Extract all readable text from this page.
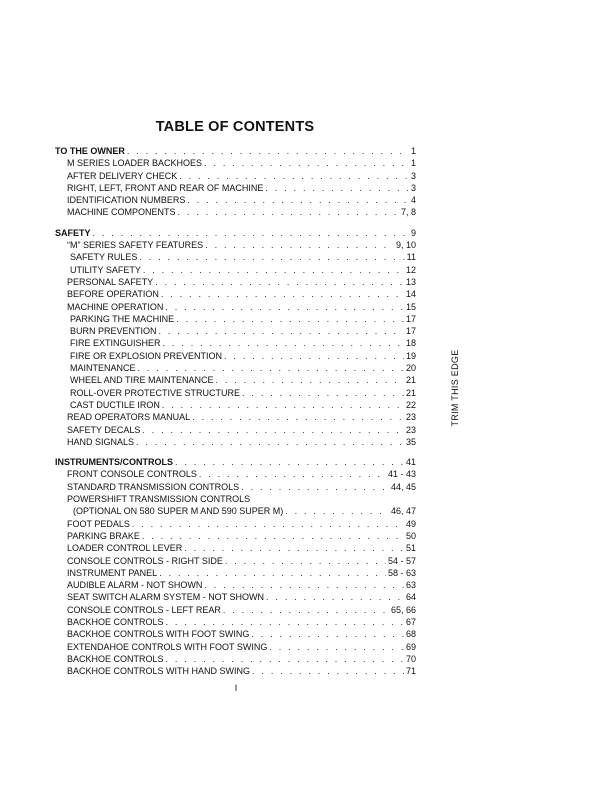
TABLE OF CONTENTS
TO THE OWNER . . .	1
M SERIES LOADER BACKHOES . . .	1
AFTER DELIVERY CHECK . . .	3
RIGHT, LEFT, FRONT AND REAR OF MACHINE . . .	3
IDENTIFICATION NUMBERS . . .	4
MACHINE COMPONENTS . . .	7, 8
SAFETY . . .	9
“M” SERIES SAFETY FEATURES . . .	9, 10
SAFETY RULES . . .	11
UTILITY SAFETY . . .	12
PERSONAL SAFETY . . .	13
BEFORE OPERATION . . .	14
MACHINE OPERATION . . .	15
PARKING THE MACHINE . . .	17
BURN PREVENTION . . .	17
FIRE EXTINGUISHER . . .	18
FIRE OR EXPLOSION PREVENTION . . .	19
MAINTENANCE . . .	20
WHEEL AND TIRE MAINTENANCE . . .	21
ROLL-OVER PROTECTIVE STRUCTURE . . .	21
CAST DUCTILE IRON . . .	22
READ OPERATORS MANUAL . . .	23
SAFETY DECALS . . .	23
HAND SIGNALS . . .	35
INSTRUMENTS/CONTROLS . . .	41
FRONT CONSOLE CONTROLS . . .	41 - 43
STANDARD TRANSMISSION CONTROLS . . .	44, 45
POWERSHIFT TRANSMISSION CONTROLS
(OPTIONAL ON 580 SUPER M AND 590 SUPER M) . . .	46, 47
FOOT PEDALS . . .	49
PARKING BRAKE . . .	50
LOADER CONTROL LEVER . . .	51
CONSOLE CONTROLS - RIGHT SIDE . . .	54 - 57
INSTRUMENT PANEL . . .	58 - 63
AUDIBLE ALARM - NOT SHOWN . . .	63
SEAT SWITCH ALARM SYSTEM - NOT SHOWN . . .	64
CONSOLE CONTROLS - LEFT REAR . . .	65, 66
BACKHOE CONTROLS . . .	67
BACKHOE CONTROLS WITH FOOT SWING . . .	68
EXTENDAHOE CONTROLS WITH FOOT SWING . . .	69
BACKHOE CONTROLS . . .	70
BACKHOE CONTROLS WITH HAND SWING . . .	71
TRIM THIS EDGE
I
